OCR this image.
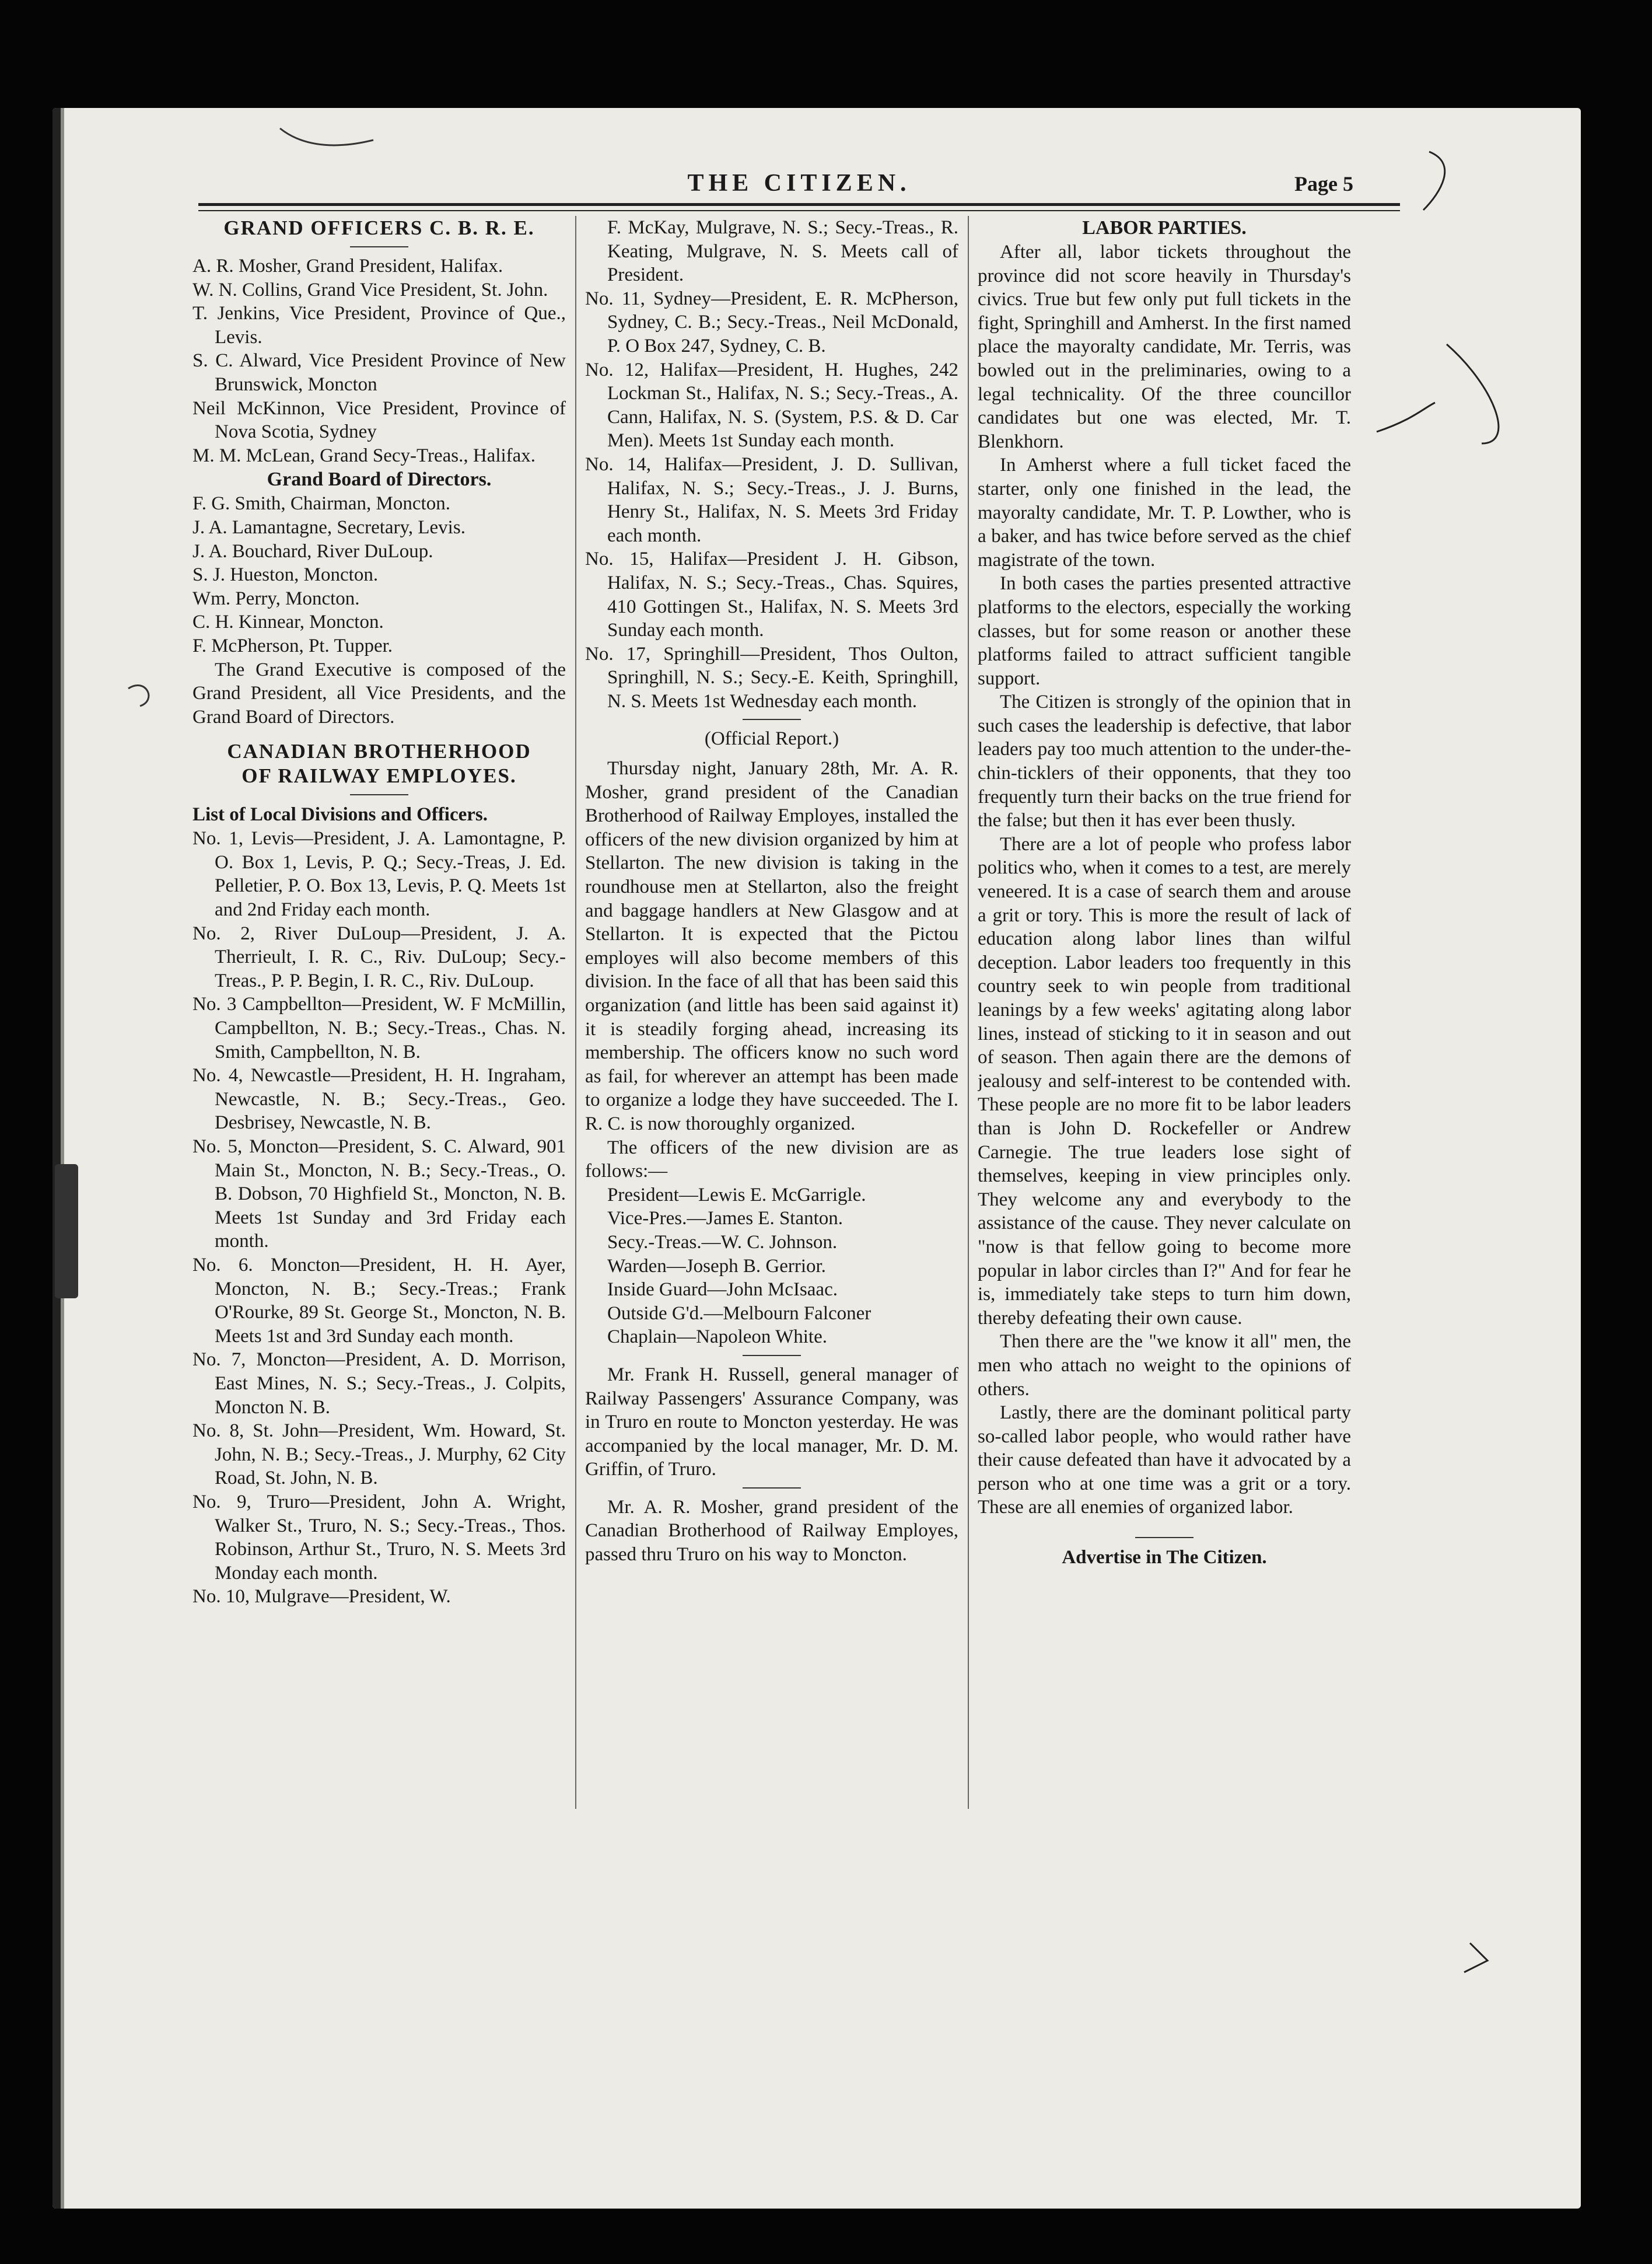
THE CITIZEN.	Page 5
GRAND OFFICERS C. B. R. E.

A. R. Mosher, Grand President, Halifax.

W. N. Collins, Grand Vice President, St. John.

T. Jenkins, Vice President, Province of Que., Levis.

S. C. Alward, Vice President Province of New Brunswick, Moncton

Neil McKinnon, Vice President, Province of Nova Scotia, Sydney

M. M. McLean, Grand Secy-Treas., Halifax.

Grand Board of Directors.

F. G. Smith, Chairman, Moncton.

J. A. Lamantagne, Secretary, Levis.

J. A. Bouchard, River DuLoup.

S. J. Hueston, Moncton.

Wm. Perry, Moncton.

C. H. Kinnear, Moncton.

F. McPherson, Pt. Tupper.

The Grand Executive is composed of the Grand President, all Vice Presidents, and the Grand Board of Directors.

CANADIAN BROTHERHOOD
OF RAILWAY EMPLOYES.
List of Local Divisions and Officers.

No. 1, Levis—President, J. A. Lamontagne, P. O. Box 1, Levis, P. Q.; Secy.-Treas, J. Ed. Pelletier, P. O. Box 13, Levis, P. Q. Meets 1st and 2nd Friday each month.

No. 2, River DuLoup—President, J. A. Therrieult, I. R. C., Riv. DuLoup; Secy.-Treas., P. P. Begin, I. R. C., Riv. DuLoup.

No. 3 Campbellton—President, W. F McMillin, Campbellton, N. B.; Secy.-Treas., Chas. N. Smith, Campbellton, N. B.

No. 4, Newcastle—President, H. H. Ingraham, Newcastle, N. B.; Secy.-Treas., Geo. Desbrisey, Newcastle, N. B.

No. 5, Moncton—President, S. C. Alward, 901 Main St., Moncton, N. B.; Secy.-Treas., O. B. Dobson, 70 Highfield St., Moncton, N. B. Meets 1st Sunday and 3rd Friday each month.

No. 6. Moncton—President, H. H. Ayer, Moncton, N. B.; Secy.-Treas.; Frank O'Rourke, 89 St. George St., Moncton, N. B. Meets 1st and 3rd Sunday each month.

No. 7, Moncton—President, A. D. Morrison, East Mines, N. S.; Secy.-Treas., J. Colpits, Moncton N. B.

No. 8, St. John—President, Wm. Howard, St. John, N. B.; Secy.-Treas., J. Murphy, 62 City Road, St. John, N. B.

No. 9, Truro—President, John A. Wright, Walker St., Truro, N. S.; Secy.-Treas., Thos. Robinson, Arthur St., Truro, N. S. Meets 3rd Monday each month.

No. 10, Mulgrave—President, W.

F. McKay, Mulgrave, N. S.; Secy.-Treas., R. Keating, Mulgrave, N. S. Meets call of President.

No. 11, Sydney—President, E. R. McPherson, Sydney, C. B.; Secy.-Treas., Neil McDonald, P. O Box 247, Sydney, C. B.

No. 12, Halifax—President, H. Hughes, 242 Lockman St., Halifax, N. S.; Secy.-Treas., A. Cann, Halifax, N. S. (System, P.S. & D. Car Men). Meets 1st Sunday each month.

No. 14, Halifax—President, J. D. Sullivan, Halifax, N. S.; Secy.-Treas., J. J. Burns, Henry St., Halifax, N. S. Meets 3rd Friday each month.

No. 15, Halifax—President J. H. Gibson, Halifax, N. S.; Secy.-Treas., Chas. Squires, 410 Gottingen St., Halifax, N. S. Meets 3rd Sunday each month.

No. 17, Springhill—President, Thos Oulton, Springhill, N. S.; Secy.-E. Keith, Springhill, N. S. Meets 1st Wednesday each month.

(Official Report.)

Thursday night, January 28th, Mr. A. R. Mosher, grand president of the Canadian Brotherhood of Railway Employes, installed the officers of the new division organized by him at Stellarton. The new division is taking in the roundhouse men at Stellarton, also the freight and baggage handlers at New Glasgow and at Stellarton. It is expected that the Pictou employes will also become members of this division. In the face of all that has been said this organization (and little has been said against it) it is steadily forging ahead, increasing its membership. The officers know no such word as fail, for wherever an attempt has been made to organize a lodge they have succeeded. The I. R. C. is now thoroughly organized.

The officers of the new division are as follows:—

President—Lewis E. McGarrigle.

Vice-Pres.—James E. Stanton.

Secy.-Treas.—W. C. Johnson.

Warden—Joseph B. Gerrior.

Inside Guard—John McIsaac.

Outside G'd.—Melbourn Falconer

Chaplain—Napoleon White.

Mr. Frank H. Russell, general manager of Railway Passengers' Assurance Company, was in Truro en route to Moncton yesterday. He was accompanied by the local manager, Mr. D. M. Griffin, of Truro.

Mr. A. R. Mosher, grand president of the Canadian Brotherhood of Railway Employes, passed thru Truro on his way to Moncton.

LABOR PARTIES.

After all, labor tickets throughout the province did not score heavily in Thursday's civics. True but few only put full tickets in the fight, Springhill and Amherst. In the first named place the mayoralty candidate, Mr. Terris, was bowled out in the preliminaries, owing to a legal technicality. Of the three councillor candidates but one was elected, Mr. T. Blenkhorn.

In Amherst where a full ticket faced the starter, only one finished in the lead, the mayoralty candidate, Mr. T. P. Lowther, who is a baker, and has twice before served as the chief magistrate of the town.

In both cases the parties presented attractive platforms to the electors, especially the working classes, but for some reason or another these platforms failed to attract sufficient tangible support.

The Citizen is strongly of the opinion that in such cases the leadership is defective, that labor leaders pay too much attention to the under-the-chin-ticklers of their opponents, that they too frequently turn their backs on the true friend for the false; but then it has ever been thusly.

There are a lot of people who profess labor politics who, when it comes to a test, are merely veneered. It is a case of search them and arouse a grit or tory. This is more the result of lack of education along labor lines than wilful deception. Labor leaders too frequently in this country seek to win people from traditional leanings by a few weeks' agitating along labor lines, instead of sticking to it in season and out of season. Then again there are the demons of jealousy and self-interest to be contended with. These people are no more fit to be labor leaders than is John D. Rockefeller or Andrew Carnegie. The true leaders lose sight of themselves, keeping in view principles only. They welcome any and everybody to the assistance of the cause. They never calculate on "now is that fellow going to become more popular in labor circles than I?" And for fear he is, immediately take steps to turn him down, thereby defeating their own cause.

Then there are the "we know it all" men, the men who attach no weight to the opinions of others.

Lastly, there are the dominant political party so-called labor people, who would rather have their cause defeated than have it advocated by a person who at one time was a grit or a tory. These are all enemies of organized labor.

Advertise in The Citizen.
